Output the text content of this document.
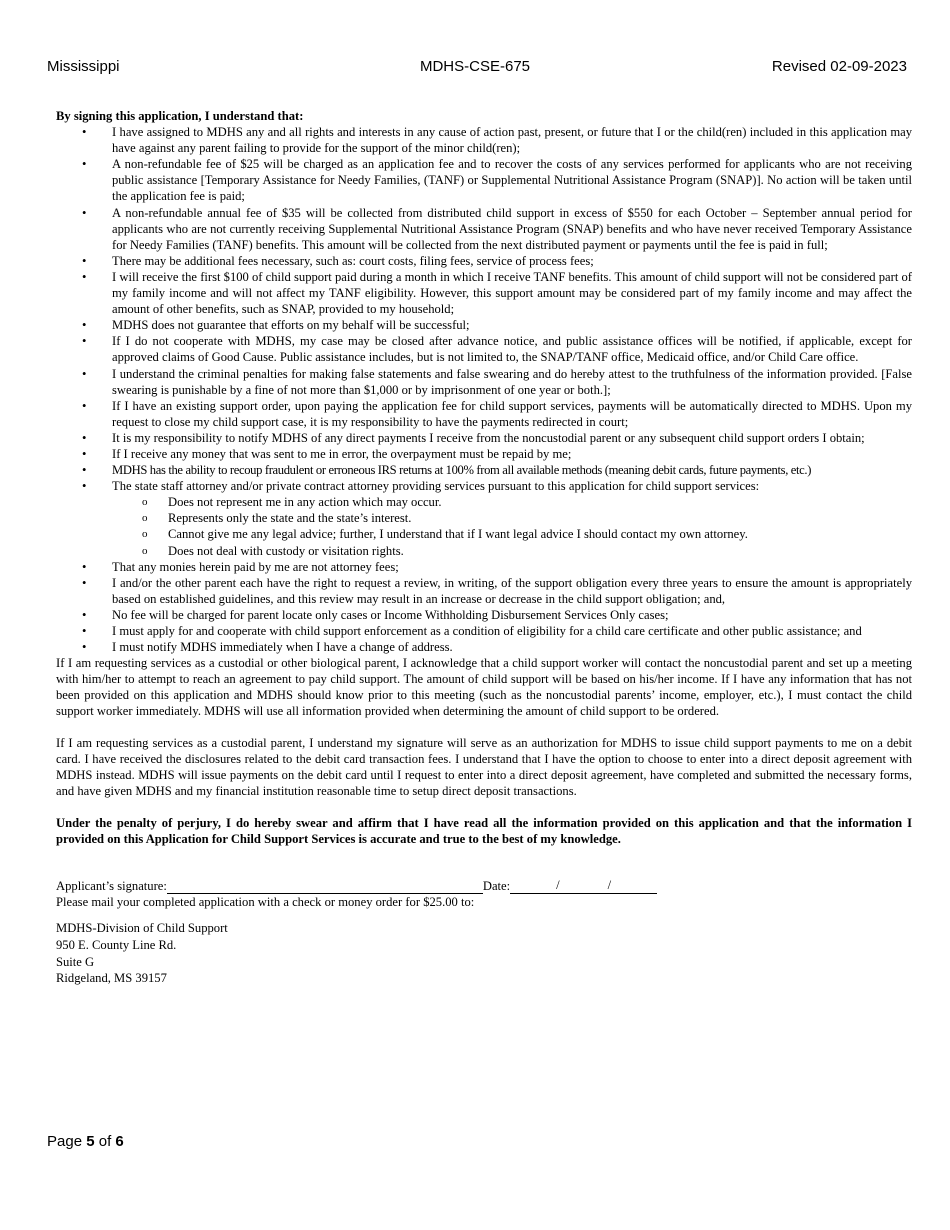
Mississippi	MDHS-CSE-675	Revised 02-09-2023

By signing this application, I understand that:

• I have assigned to MDHS any and all rights and interests in any cause of action past, present, or future that I or the child(ren) included in this application may have against any parent failing to provide for the support of the minor child(ren);
• A non-refundable fee of $25 will be charged as an application fee and to recover the costs of any services performed for applicants who are not receiving public assistance [Temporary Assistance for Needy Families, (TANF) or Supplemental Nutritional Assistance Program (SNAP)]. No action will be taken until the application fee is paid;
• A non-refundable annual fee of $35 will be collected from distributed child support in excess of $550 for each October – September annual period for applicants who are not currently receiving Supplemental Nutritional Assistance Program (SNAP) benefits and who have never received Temporary Assistance for Needy Families (TANF) benefits. This amount will be collected from the next distributed payment or payments until the fee is paid in full;
• There may be additional fees necessary, such as: court costs, filing fees, service of process fees;
• I will receive the first $100 of child support paid during a month in which I receive TANF benefits. This amount of child support will not be considered part of my family income and will not affect my TANF eligibility. However, this support amount may be considered part of my family income and may affect the amount of other benefits, such as SNAP, provided to my household;
• MDHS does not guarantee that efforts on my behalf will be successful;
• If I do not cooperate with MDHS, my case may be closed after advance notice, and public assistance offices will be notified, if applicable, except for approved claims of Good Cause. Public assistance includes, but is not limited to, the SNAP/TANF office, Medicaid office, and/or Child Care office.
• I understand the criminal penalties for making false statements and false swearing and do hereby attest to the truthfulness of the information provided. [False swearing is punishable by a fine of not more than $1,000 or by imprisonment of one year or both.];
• If I have an existing support order, upon paying the application fee for child support services, payments will be automatically directed to MDHS. Upon my request to close my child support case, it is my responsibility to have the payments redirected in court;
• It is my responsibility to notify MDHS of any direct payments I receive from the noncustodial parent or any subsequent child support orders I obtain;
• If I receive any money that was sent to me in error, the overpayment must be repaid by me;
• MDHS has the ability to recoup fraudulent or erroneous IRS returns at 100% from all available methods (meaning debit cards, future payments, etc.)
• The state staff attorney and/or private contract attorney providing services pursuant to this application for child support services:
o Does not represent me in any action which may occur.
o Represents only the state and the state’s interest.
o Cannot give me any legal advice; further, I understand that if I want legal advice I should contact my own attorney.
o Does not deal with custody or visitation rights.
• That any monies herein paid by me are not attorney fees;
• I and/or the other parent each have the right to request a review, in writing, of the support obligation every three years to ensure the amount is appropriately based on established guidelines, and this review may result in an increase or decrease in the child support obligation; and,
• No fee will be charged for parent locate only cases or Income Withholding Disbursement Services Only cases;
• I must apply for and cooperate with child support enforcement as a condition of eligibility for a child care certificate and other public assistance; and
• I must notify MDHS immediately when I have a change of address.

If I am requesting services as a custodial or other biological parent, I acknowledge that a child support worker will contact the noncustodial parent and set up a meeting with him/her to attempt to reach an agreement to pay child support. The amount of child support will be based on his/her income. If I have any information that has not been provided on this application and MDHS should know prior to this meeting (such as the noncustodial parents’ income, employer, etc.), I must contact the child support worker immediately. MDHS will use all information provided when determining the amount of child support to be ordered.

If I am requesting services as a custodial parent, I understand my signature will serve as an authorization for MDHS to issue child support payments to me on a debit card. I have received the disclosures related to the debit card transaction fees. I understand that I have the option to choose to enter into a direct deposit agreement with MDHS instead. MDHS will issue payments on the debit card until I request to enter into a direct deposit agreement, have completed and submitted the necessary forms, and have given MDHS and my financial institution reasonable time to setup direct deposit transactions.

Under the penalty of perjury, I do hereby swear and affirm that I have read all the information provided on this application and that the information I provided on this Application for Child Support Services is accurate and true to the best of my knowledge.

Applicant’s signature:	Date:	/	/

Please mail your completed application with a check or money order for $25.00 to:

MDHS-Division of Child Support
950 E. County Line Rd.
Suite G
Ridgeland, MS 39157
Page 5 of 6
